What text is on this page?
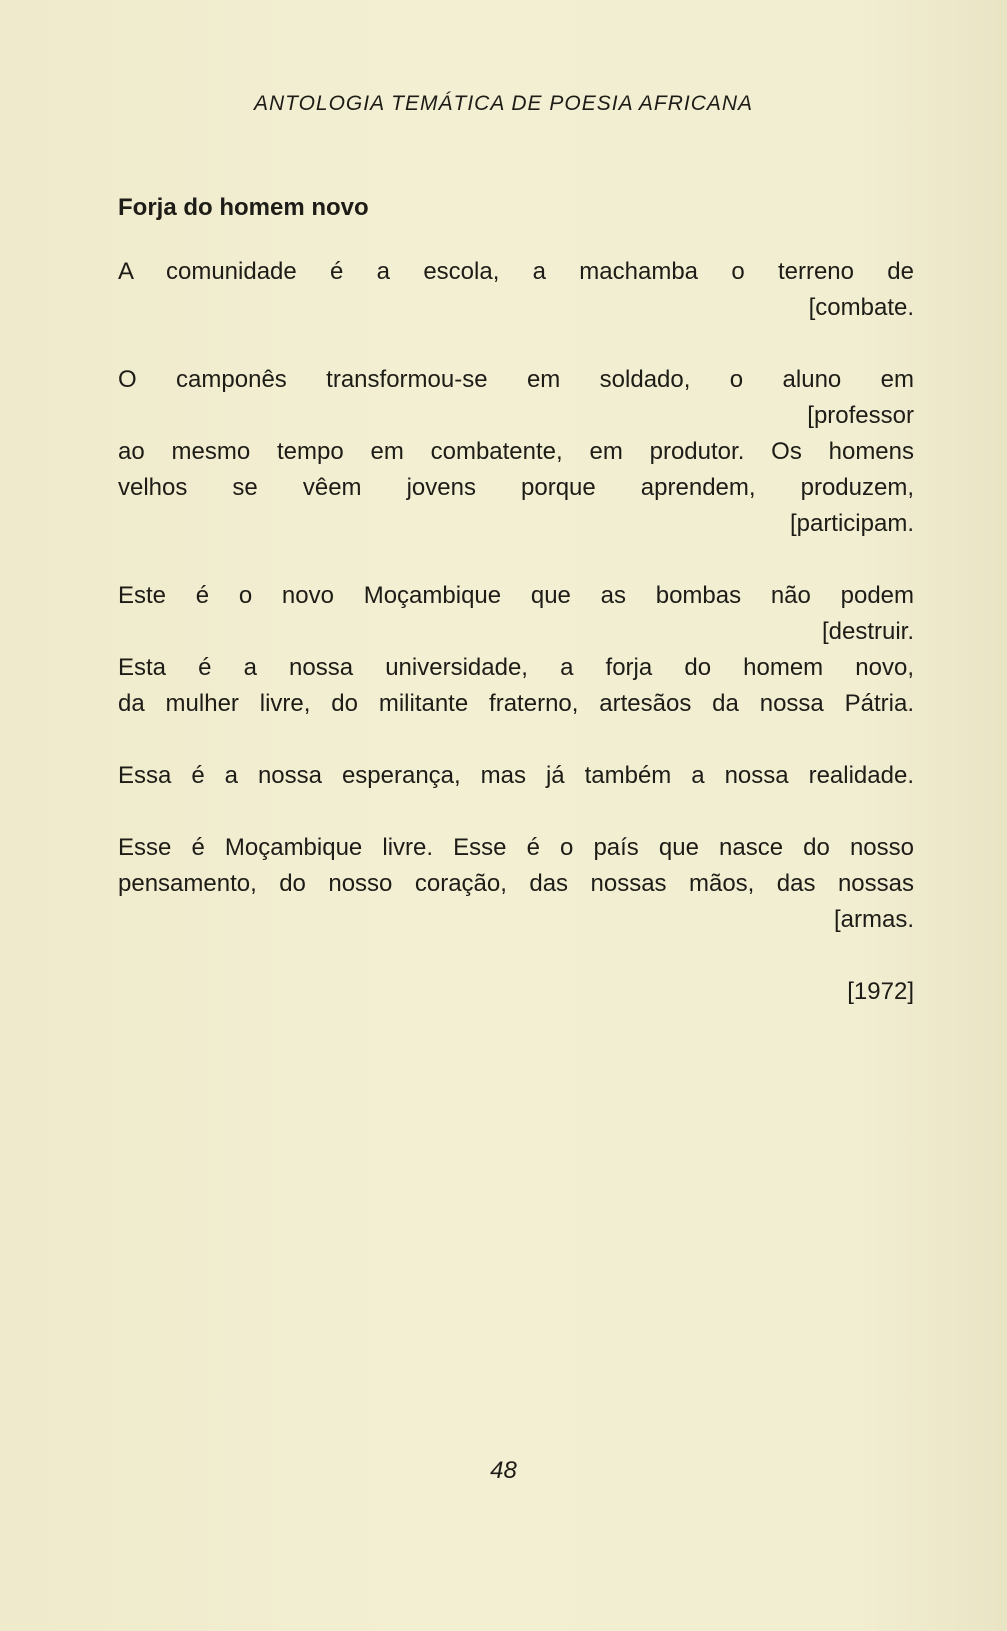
ANTOLOGIA TEMÁTICA DE POESIA AFRICANA
Forja do homem novo
A comunidade é a escola, a machamba o terreno de
[combate.
O camponês transformou-se em soldado, o aluno em
[professor
ao mesmo tempo em combatente, em produtor. Os homens
velhos se vêem jovens porque aprendem, produzem,
[participam.
Este é o novo Moçambique que as bombas não podem
[destruir.
Esta é a nossa universidade, a forja do homem novo,
da mulher livre, do militante fraterno, artesãos da nossa Pátria.
Essa é a nossa esperança, mas já também a nossa realidade.
Esse é Moçambique livre. Esse é o país que nasce do nosso
pensamento, do nosso coração, das nossas mãos, das nossas
[armas.
[1972]
48
